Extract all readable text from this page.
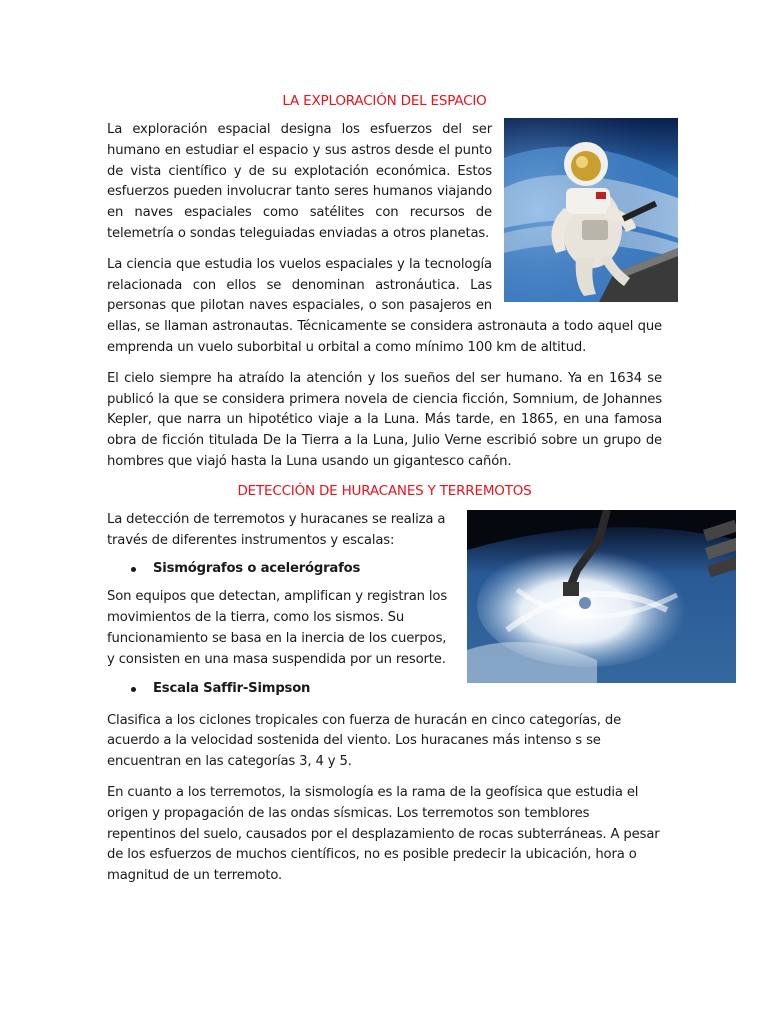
LA EXPLORACIÓN DEL ESPACIO

La exploración espacial designa los esfuerzos del ser humano en estudiar el espacio y sus astros desde el punto de vista científico y de su explotación económica. Estos esfuerzos pueden involucrar tanto seres humanos viajando en naves espaciales como satélites con recursos de telemetría o sondas teleguiadas enviadas a otros planetas.

La ciencia que estudia los vuelos espaciales y la tecnología relacionada con ellos se denominan astronáutica. Las personas que pilotan naves espaciales, o son pasajeros en ellas, se llaman astronautas. Técnicamente se considera astronauta a todo aquel que emprenda un vuelo suborbital u orbital a como mínimo 100 km de altitud.

El cielo siempre ha atraído la atención y los sueños del ser humano. Ya en 1634 se publicó la que se considera primera novela de ciencia ficción, Somnium, de Johannes Kepler, que narra un hipotético viaje a la Luna. Más tarde, en 1865, en una famosa obra de ficción titulada De la Tierra a la Luna, Julio Verne escribió sobre un grupo de hombres que viajó hasta la Luna usando un gigantesco cañón.

DETECCIÓN DE HURACANES Y TERREMOTOS

La detección de terremotos y huracanes se realiza a través de diferentes instrumentos y escalas:

Sismógrafos o acelerógrafos

Son equipos que detectan, amplifican y registran los movimientos de la tierra, como los sismos. Su funcionamiento se basa en la inercia de los cuerpos, y consisten en una masa suspendida por un resorte.

Escala Saffir-Simpson

Clasifica a los ciclones tropicales con fuerza de huracán en cinco categorías, de acuerdo a la velocidad sostenida del viento. Los huracanes más intenso s se encuentran en las categorías 3, 4 y 5.

En cuanto a los terremotos, la sismología es la rama de la geofísica que estudia el origen y propagación de las ondas sísmicas. Los terremotos son temblores repentinos del suelo, causados por el desplazamiento de rocas subterráneas. A pesar de los esfuerzos de muchos científicos, no es posible predecir la ubicación, hora o magnitud de un terremoto.
